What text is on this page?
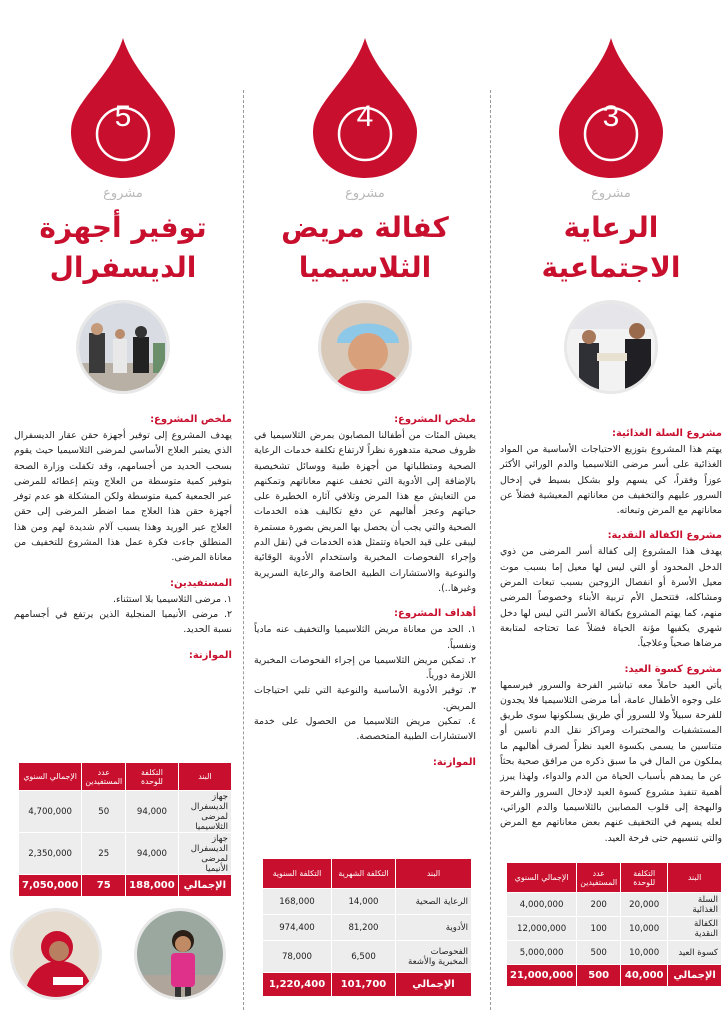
5
مشروع
توفير أجهزة
الديسفرال
ملخص المشروع:
يهدف المشروع إلى توفير أجهزة حقن عقار الديسفرال الذي يعتبر العلاج الأساسي لمرضى الثلاسيميا حيث يقوم بسحب الحديد من أجسامهم، وقد تكفلت وزارة الصحة بتوفير كمية متوسطة من العلاج ويتم إعطائه للمرضى عبر الجمعية كمية متوسطة ولكن المشكلة هو عدم توفر أجهزة حقن هذا العلاج مما اضطر المرضى إلى حقن العلاج عبر الوريد وهذا يسبب آلام شديدة لهم ومن هذا المنطلق جاءت فكرة عمل هذا المشروع للتخفيف من معاناة المرضى.
المستفيدين:
١. مرضى الثلاسيميا بلا استثناء.
٢. مرضى الأنيميا المنجلية الذين يرتفع في أجسامهم نسبة الحديد.
الموازنة:
البند	التكلفة للوحدة	عدد المستفيدين	الإجمالي السنوي
جهاز الديسفرال لمرضى الثلاسيميا	94,000	50	4,700,000
جهاز الديسفرال لمرضى الأنيميا	94,000	25	2,350,000
الإجمالي	188,000	75	7,050,000
4
مشروع
كفالة مريض
الثلاسيميا
ملخص المشروع:
يعيش المئات من أطفالنا المصابون بمرض الثلاسيميا في ظروف صحية متدهورة نظراً لارتفاع تكلفة خدمات الرعاية الصحية ومتطلباتها من أجهزة طبية ووسائل تشخيصية بالإضافة إلى الأدوية التي تخفف عنهم معاناتهم وتمكنهم من التعايش مع هذا المرض وتلافي آثاره الخطيرة على حياتهم وعجز أهاليهم عن دفع تكاليف هذه الخدمات الصحية والتي يجب أن يحصل بها المريض بصورة مستمرة ليبقى على قيد الحياة وتتمثل هذه الخدمات في (نقل الدم وإجراء الفحوصات المخبرية واستخدام الأدوية الوقائية والنوعية والاستشارات الطبية الخاصة والرعاية السريرية وغيرها..).
أهداف المشروع:
١. الحد من معاناة مريض الثلاسيميا والتخفيف عنه مادياً ونفسياً.
٢. تمكين مريض الثلاسيميا من إجراء الفحوصات المخبرية اللازمة دورياً.
٣. توفير الأدوية الأساسية والنوعية التي تلبي احتياجات المريض.
٤. تمكين مريض الثلاسيميا من الحصول على خدمة الاستشارات الطبية المتخصصة.
الموازنة:
البند	التكلفة الشهرية	التكلفة السنوية
الرعاية الصحية	14,000	168,000
الأدوية	81,200	974,400
الفحوصات المخبرية والأشعة	6,500	78,000
الإجمالي	101,700	1,220,400
3
مشروع
الرعاية
الاجتماعية
مشروع السلة الغذائية:
يهتم هذا المشروع بتوزيع الاحتياجات الأساسية من المواد الغذائية على أسر مرضى الثلاسيميا والدم الوراثي الأكثر عوزاً وفقراً، كي يسهم ولو بشكل بسيط في إدخال السرور عليهم والتخفيف من معاناتهم المعيشية فضلاً عن معاناتهم مع المرض وتبعاته.
مشروع الكفالة النقدية:
يهدف هذا المشروع إلى كفالة أسر المرضى من ذوي الدخل المحدود أو التي ليس لها معيل إما بسبب موت معيل الأسرة أو انفصال الزوجين بسبب تبعات المرض ومشاكله، فتتحمل الأم تربية الأبناء وخصوصاً المرضى منهم، كما يهتم المشروع بكفالة الأسر التي ليس لها دخل شهري يكفيها مؤنة الحياة فضلاً عما تحتاجه لمتابعة مرضاها صحياً وعلاجياً.
مشروع كسوة العيد:
يأتي العيد حاملاً معه تباشير الفرحة والسرور فيرسمها على وجوه الأطفال عامة، أما مرضى الثلاسيميا فلا يجدون للفرحة سبيلاً ولا للسرور أي طريق يسلكونها سوى طريق المستشفيات والمختبرات ومراكز نقل الدم ناسين أو متناسين ما يسمى بكسوة العيد نظراً لصرف أهاليهم ما يملكون من المال في ما سبق ذكره من مرافق صحية بحثاً عن ما يمدهم بأسباب الحياة من الدم والدواء، ولهذا يبرز أهمية تنفيذ مشروع كسوة العيد لإدخال السرور والفرحة والبهجة إلى قلوب المصابين بالثلاسيميا والدم الوراثي، لعله يسهم في التخفيف عنهم بعض معاناتهم مع المرض والتي تنسيهم حتى فرحة العيد.
البند	التكلفة للوحدة	عدد المستفيدين	الإجمالي السنوي
السلة الغذائية	20,000	200	4,000,000
الكفالة النقدية	10,000	100	12,000,000
كسوة العيد	10,000	500	5,000,000
الإجمالي	40,000	500	21,000,000
